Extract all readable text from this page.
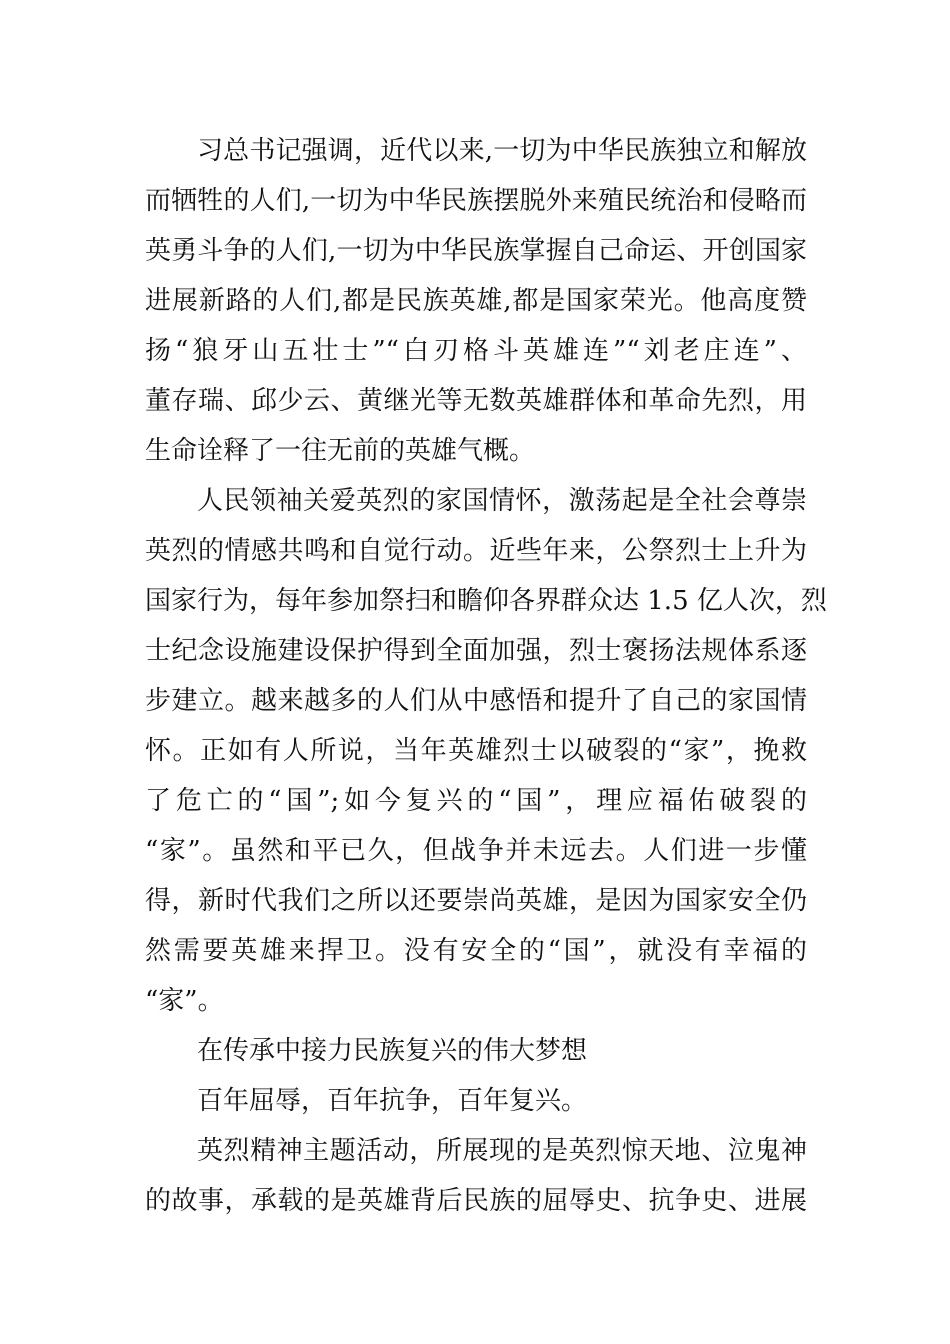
习总书记强调，近代以来,一切为中华民族独立和解放
而牺牲的人们,一切为中华民族摆脱外来殖民统治和侵略而
英勇斗争的人们,一切为中华民族掌握自己命运、开创国家
进展新路的人们,都是民族英雄,都是国家荣光。他高度赞
扬“狼牙山五壮士”“白刃格斗英雄连”“刘老庄连”、
董存瑞、邱少云、黄继光等无数英雄群体和革命先烈，用
生命诠释了一往无前的英雄气概。
人民领袖关爱英烈的家国情怀，激荡起是全社会尊崇
英烈的情感共鸣和自觉行动。近些年来，公祭烈士上升为
国家行为，每年参加祭扫和瞻仰各界群众达 1.5 亿人次，烈
士纪念设施建设保护得到全面加强，烈士褒扬法规体系逐
步建立。越来越多的人们从中感悟和提升了自己的家国情
怀。正如有人所说，当年英雄烈士以破裂的“家”，挽救
了危亡的“国”;如今复兴的“国”，理应福佑破裂的
“家”。虽然和平已久，但战争并未远去。人们进一步懂
得，新时代我们之所以还要崇尚英雄，是因为国家安全仍
然需要英雄来捍卫。没有安全的“国”，就没有幸福的
“家”。
在传承中接力民族复兴的伟大梦想
百年屈辱，百年抗争，百年复兴。
英烈精神主题活动，所展现的是英烈惊天地、泣鬼神
的故事，承载的是英雄背后民族的屈辱史、抗争史、进展
